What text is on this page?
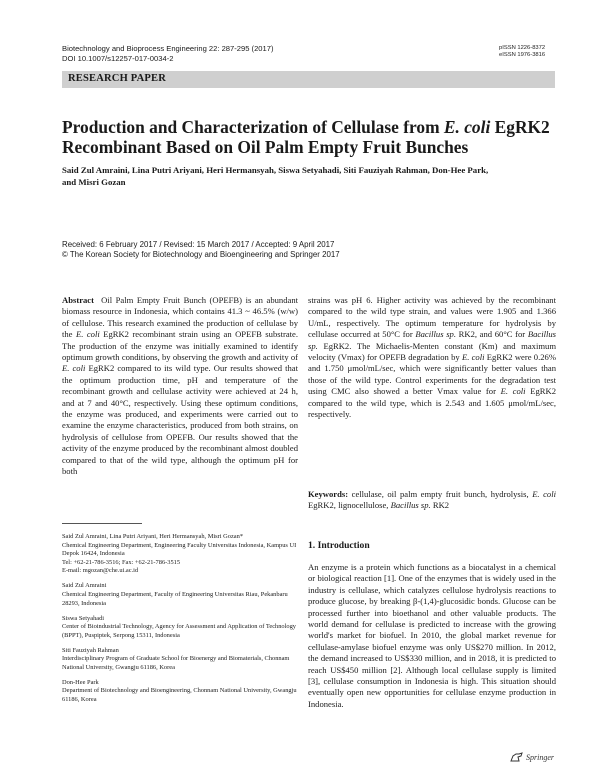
Biotechnology and Bioprocess Engineering 22: 287-295 (2017)
DOI 10.1007/s12257-017-0034-2
pISSN 1226-8372
eISSN 1976-3816
RESEARCH PAPER
Production and Characterization of Cellulase from E. coli EgRK2
Recombinant Based on Oil Palm Empty Fruit Bunches
Said Zul Amraini, Lina Putri Ariyani, Heri Hermansyah, Siswa Setyahadi, Siti Fauziyah Rahman, Don-Hee Park,
and Misri Gozan
Received: 6 February 2017 / Revised: 15 March 2017 / Accepted: 9 April 2017
© The Korean Society for Biotechnology and Bioengineering and Springer 2017

Abstract Oil Palm Empty Fruit Bunch (OPEFB) is an abundant biomass resource in Indonesia, which contains 41.3 ~ 46.5% (w/w) of cellulose. This research examined the production of cellulase by the E. coli EgRK2 recombinant strain using an OPEFB substrate. The production of the enzyme was initially examined to identify optimum growth conditions, by observing the growth and activity of E. coli EgRK2 compared to its wild type. Our results showed that the optimum production time, pH and temperature of the recombinant growth and cellulase activity were achieved at 24 h, and at 7 and 40°C, respectively. Using these optimum conditions, the enzyme was produced, and experiments were carried out to examine the enzyme characteristics, produced from both strains, on hydrolysis of cellulose from OPEFB. Our results showed that the activity of the enzyme produced by the recombinant almost doubled compared to that of the wild type, although the optimum pH for both

strains was pH 6. Higher activity was achieved by the recombinant compared to the wild type strain, and values were 1.905 and 1.366 U/mL, respectively. The optimum temperature for hydrolysis by cellulase occurred at 50°C for Bacillus sp. RK2, and 60°C for Bacillus sp. EgRK2. The Michaelis-Menten constant (Km) and maximum velocity (Vmax) for OPEFB degradation by E. coli EgRK2 were 0.26% and 1.750 μmol/mL/sec, which were significantly better values than those of the wild type. Control experiments for the degradation test using CMC also showed a better Vmax value for E. coli EgRK2 compared to the wild type, which is 2.543 and 1.605 μmol/mL/sec, respectively.

Keywords: cellulase, oil palm empty fruit bunch, hydrolysis, E. coli EgRK2, lignocellulose, Bacillus sp. RK2
1. Introduction
An enzyme is a protein which functions as a biocatalyst in a chemical or biological reaction [1]. One of the enzymes that is widely used in the industry is cellulase, which catalyzes cellulose hydrolysis reactions to produce glucose, by breaking β-(1,4)-glucosidic bonds. Glucose can be processed further into bioethanol and other valuable products. The world demand for cellulase is predicted to increase with the growing world's market for biofuel. In 2010, the global market revenue for cellulase-amylase biofuel enzyme was only US$270 million. In 2012, the demand increased to US$330 million, and in 2018, it is predicted to reach US$450 million [2]. Although local cellulase supply is limited [3], cellulase consumption in Indonesia is high. This situation should eventually open new opportunities for cellulase enzyme production in Indonesia.
Said Zul Amraini, Lina Putri Ariyani, Heri Hermansyah, Misri Gozan*
Chemical Engineering Department, Engineering Faculty Universitas Indonesia, Kampus UI Depok 16424, Indonesia
Tel: +62-21-786-3516; Fax: +62-21-786-3515
E-mail: mgozan@che.ui.ac.id
Said Zul Amraini
Chemical Engineering Department, Faculty of Engineering Universitas Riau, Pekanbaru 28293, Indonesia
Siswa Setyahadi
Center of Bioindustrial Technology, Agency for Assessment and Application of Technology (BPPT), Puspiptek, Serpong 15311, Indonesia
Siti Fauziyah Rahman
Interdisciplinary Program of Graduate School for Bioenergy and Biomaterials, Chonnam National University, Gwangju 61186, Korea
Don-Hee Park
Department of Biotechnology and Bioengineering, Chonnam National University, Gwangju 61186, Korea
Springer
